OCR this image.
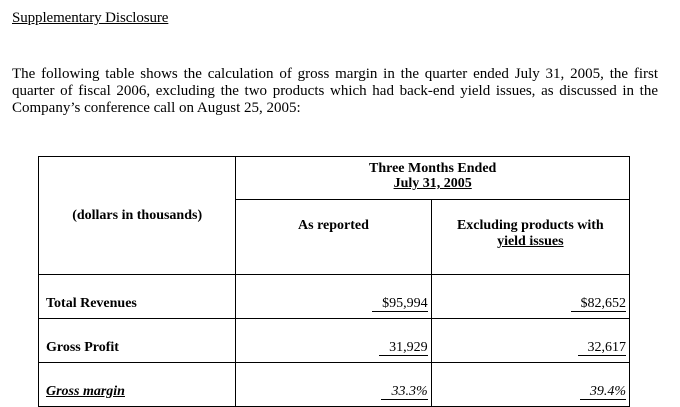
Supplementary Disclosure
The following table shows the calculation of gross margin in the quarter ended July 31, 2005, the first quarter of fiscal 2006, excluding the two products which had back-end yield issues, as discussed in the Company’s conference call on August 25, 2005:
(dollars in thousands)	Three Months Ended
July 31, 2005	

	As reported	Excluding products with
yield issues

Total Revenues	$95,994	$82,652
Gross Profit	31,929	32,617
Gross margin	33.3%	39.4%
